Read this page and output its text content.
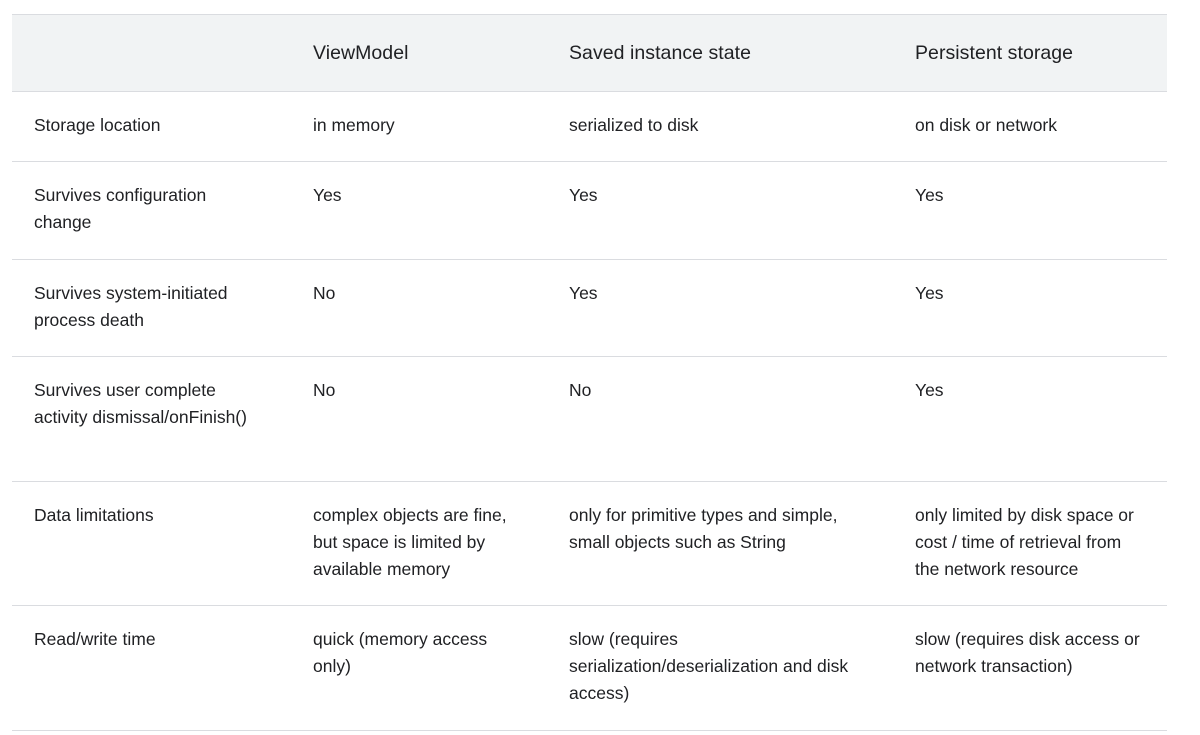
	ViewModel	Saved instance state	Persistent storage
Storage location	in memory	serialized to disk	on disk or network
Survives configuration change	Yes	Yes	Yes
Survives system-initiated process death	No	Yes	Yes
Survives user complete activity dismissal/onFinish()	No	No	Yes
Data limitations	complex objects are fine, but space is limited by available memory	only for primitive types and simple, small objects such as String	only limited by disk space or cost / time of retrieval from the network resource
Read/write time	quick (memory access only)	slow (requires serialization/deserialization and disk access)	slow (requires disk access or network transaction)
